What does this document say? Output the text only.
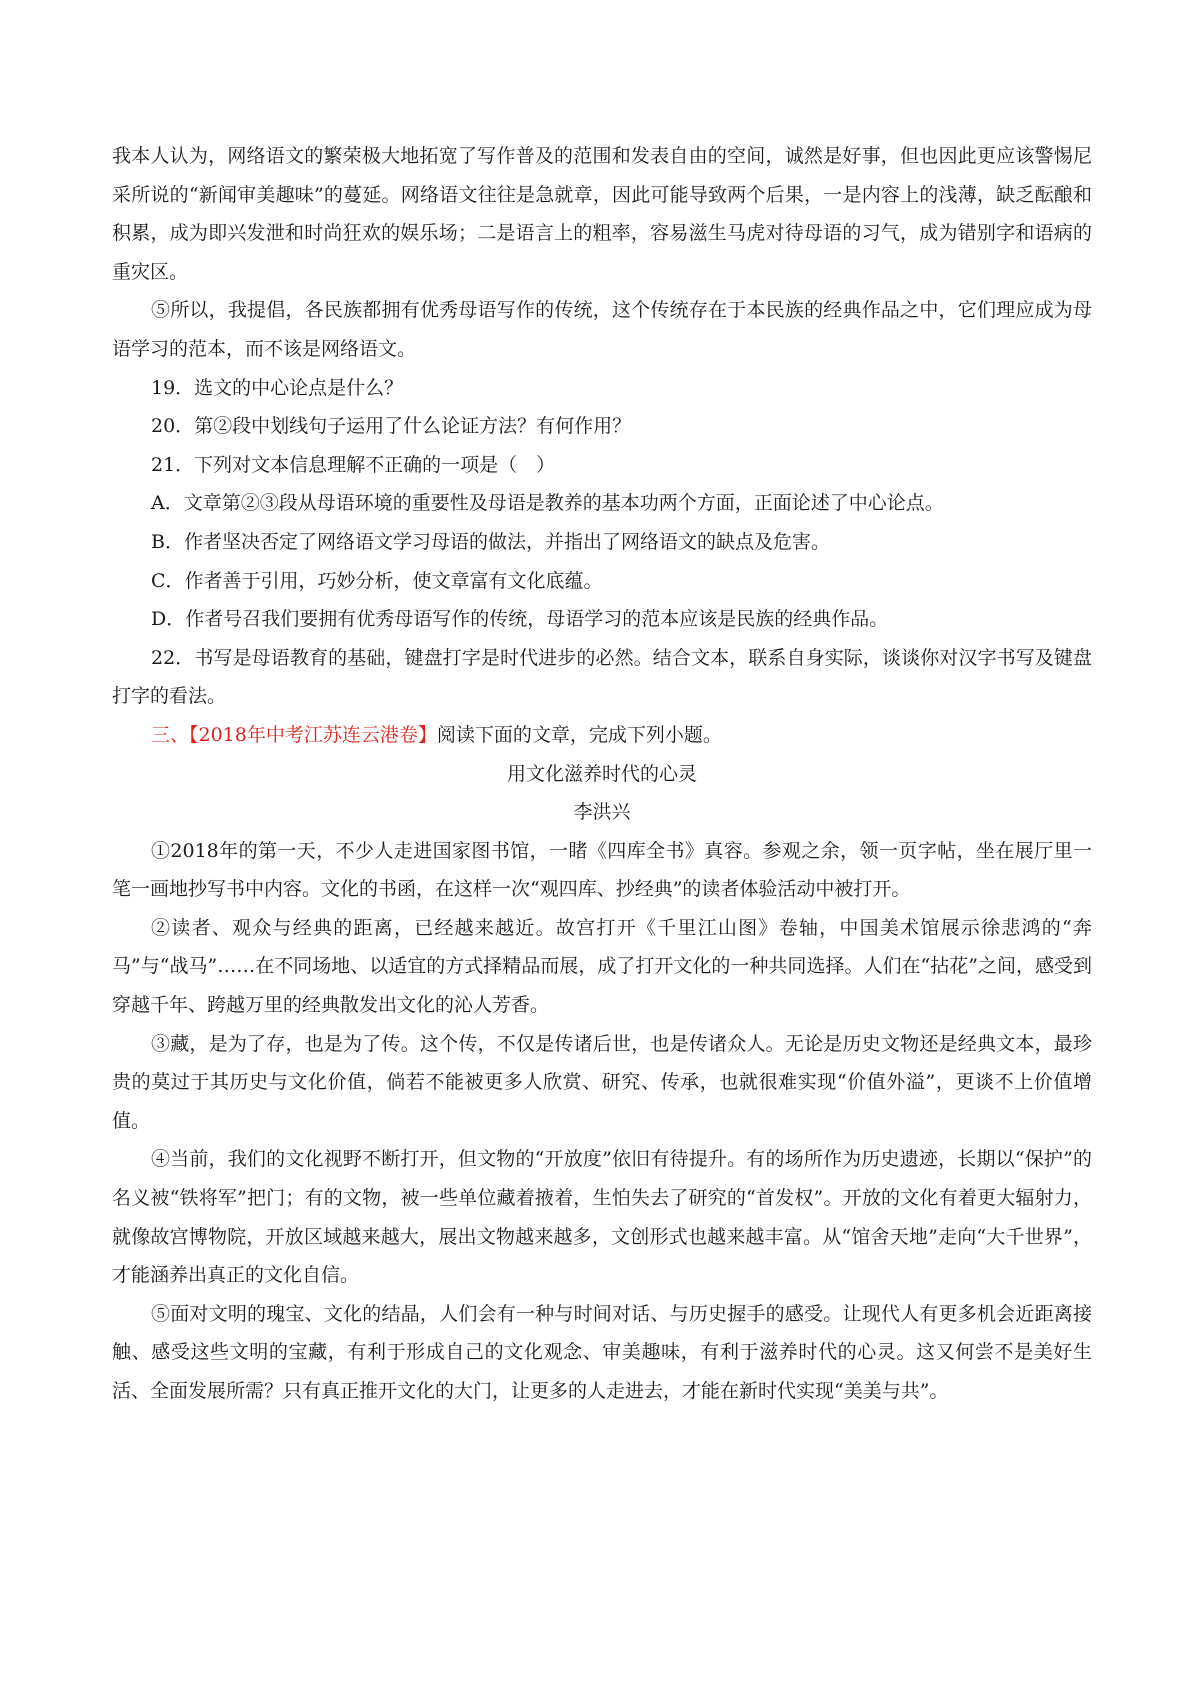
我本人认为，网络语文的繁荣极大地拓宽了写作普及的范围和发表自由的空间，诚然是好事，但也因此更应该警惕尼采所说的“新闻审美趣味”的蔓延。网络语文往往是急就章，因此可能导致两个后果，一是内容上的浅薄，缺乏酝酿和积累，成为即兴发泄和时尚狂欢的娱乐场；二是语言上的粗率，容易滋生马虎对待母语的习气，成为错别字和语病的重灾区。

⑤所以，我提倡，各民族都拥有优秀母语写作的传统，这个传统存在于本民族的经典作品之中，它们理应成为母语学习的范本，而不该是网络语文。

19．选文的中心论点是什么？

20．第②段中划线句子运用了什么论证方法？有何作用？

21．下列对文本信息理解不正确的一项是（　）

A．文章第②③段从母语环境的重要性及母语是教养的基本功两个方面，正面论述了中心论点。

B．作者坚决否定了网络语文学习母语的做法，并指出了网络语文的缺点及危害。

C．作者善于引用，巧妙分析，使文章富有文化底蕴。

D．作者号召我们要拥有优秀母语写作的传统，母语学习的范本应该是民族的经典作品。

22．书写是母语教育的基础，键盘打字是时代进步的必然。结合文本，联系自身实际，谈谈你对汉字书写及键盘打字的看法。

三、【2018年中考江苏连云港卷】阅读下面的文章，完成下列小题。

用文化滋养时代的心灵

李洪兴

①2018年的第一天，不少人走进国家图书馆，一睹《四库全书》真容。参观之余，领一页字帖，坐在展厅里一笔一画地抄写书中内容。文化的书函，在这样一次“观四库、抄经典”的读者体验活动中被打开。

②读者、观众与经典的距离，已经越来越近。故宫打开《千里江山图》卷轴，中国美术馆展示徐悲鸿的“奔马”与“战马”……在不同场地、以适宜的方式择精品而展，成了打开文化的一种共同选择。人们在“拈花”之间，感受到穿越千年、跨越万里的经典散发出文化的沁人芳香。

③藏，是为了存，也是为了传。这个传，不仅是传诸后世，也是传诸众人。无论是历史文物还是经典文本，最珍贵的莫过于其历史与文化价值，倘若不能被更多人欣赏、研究、传承，也就很难实现“价值外溢”，更谈不上价值增值。

④当前，我们的文化视野不断打开，但文物的“开放度”依旧有待提升。有的场所作为历史遗迹，长期以“保护”的名义被“铁将军”把门；有的文物，被一些单位藏着掖着，生怕失去了研究的“首发权”。开放的文化有着更大辐射力，就像故宫博物院，开放区域越来越大，展出文物越来越多，文创形式也越来越丰富。从“馆舍天地”走向“大千世界”，才能涵养出真正的文化自信。

⑤面对文明的瑰宝、文化的结晶，人们会有一种与时间对话、与历史握手的感受。让现代人有更多机会近距离接触、感受这些文明的宝藏，有利于形成自己的文化观念、审美趣味，有利于滋养时代的心灵。这又何尝不是美好生活、全面发展所需？只有真正推开文化的大门，让更多的人走进去，才能在新时代实现“美美与共”。
